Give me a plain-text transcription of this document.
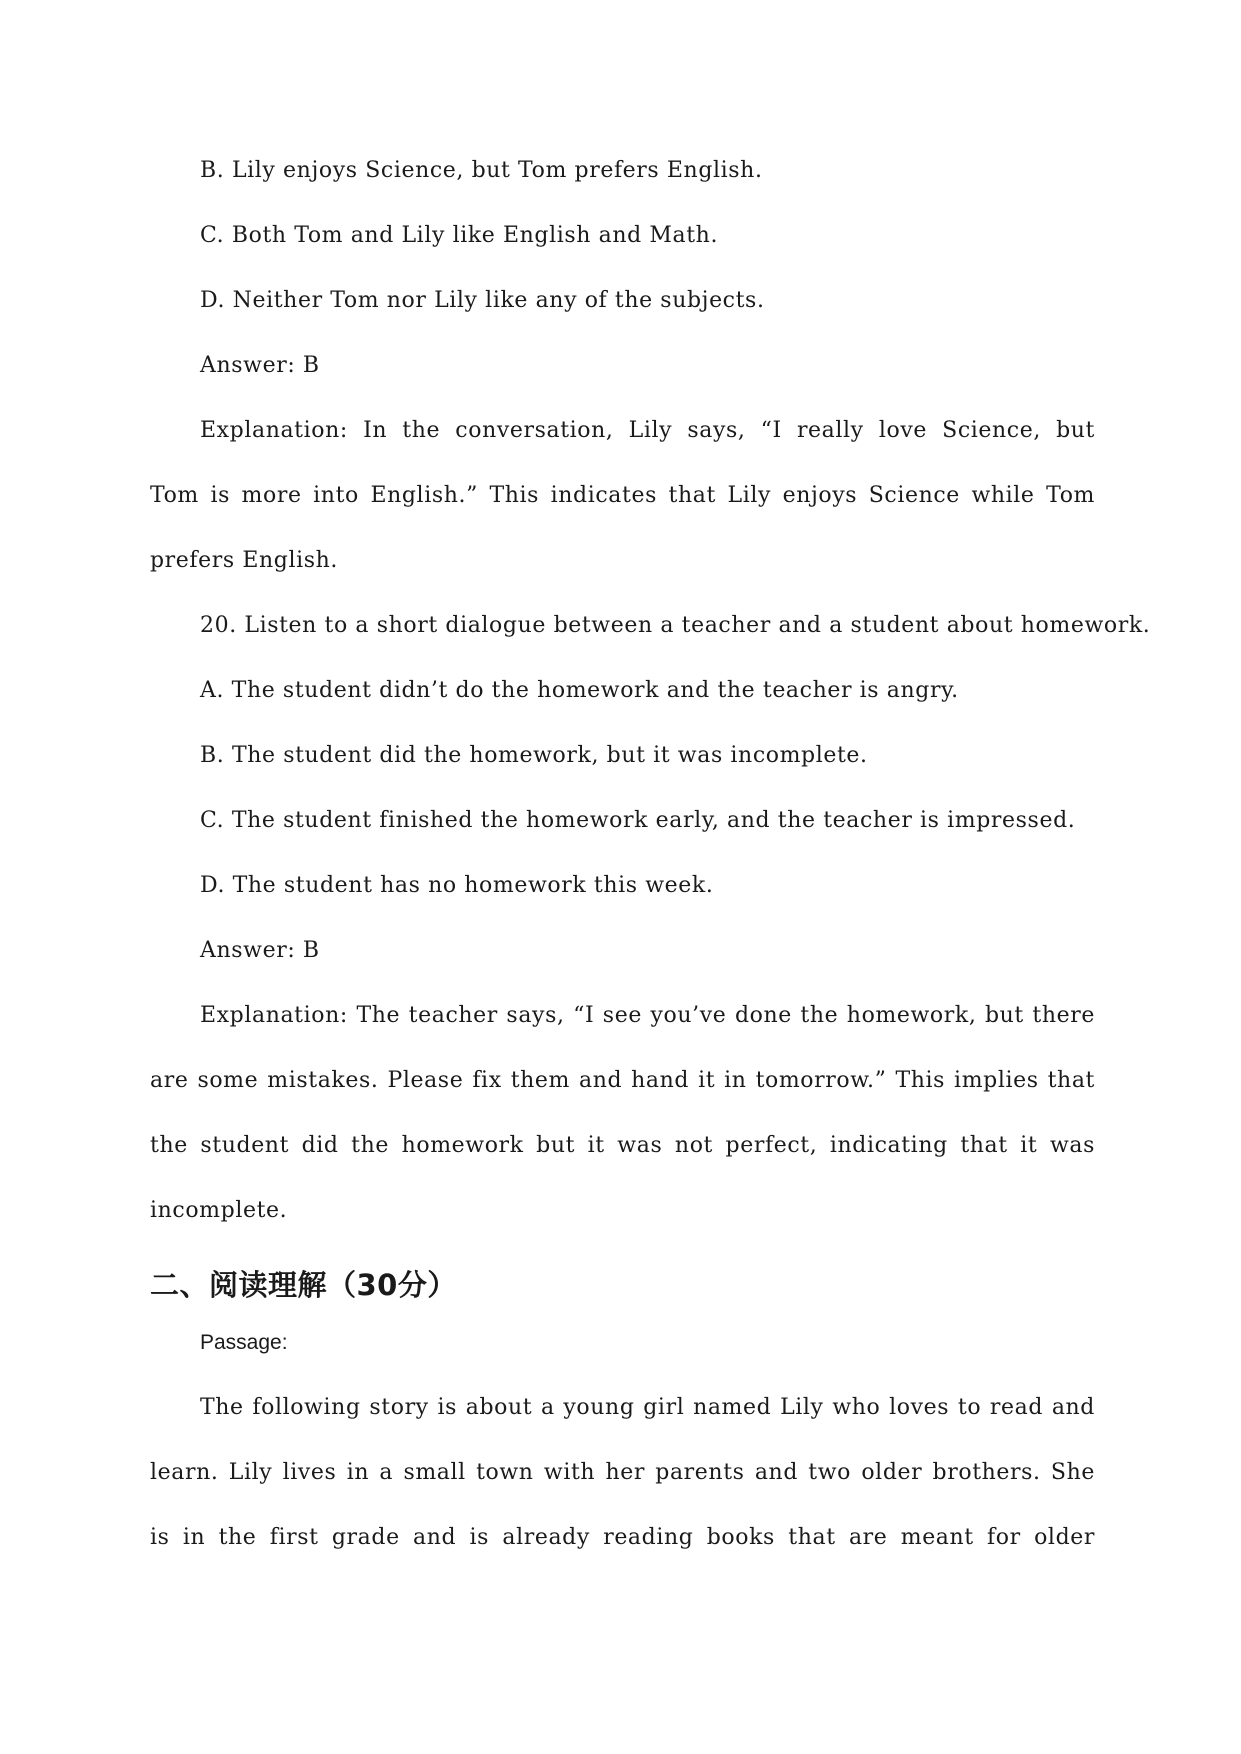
B. Lily enjoys Science, but Tom prefers English.
C. Both Tom and Lily like English and Math.
D. Neither Tom nor Lily like any of the subjects.
Answer: B
Explanation: In the conversation, Lily says, “I really love Science, but
Tom is more into English.” This indicates that Lily enjoys Science while Tom
prefers English.
20. Listen to a short dialogue between a teacher and a student about homework.
A. The student didn’t do the homework and the teacher is angry.
B. The student did the homework, but it was incomplete.
C. The student finished the homework early, and the teacher is impressed.
D. The student has no homework this week.
Answer: B
Explanation: The teacher says, “I see you’ve done the homework, but there
are some mistakes. Please fix them and hand it in tomorrow.” This implies that
the student did the homework but it was not perfect, indicating that it was
incomplete.
二、阅读理解（30分）
Passage:
The following story is about a young girl named Lily who loves to read and
learn. Lily lives in a small town with her parents and two older brothers. She
is in the first grade and is already reading books that are meant for older
